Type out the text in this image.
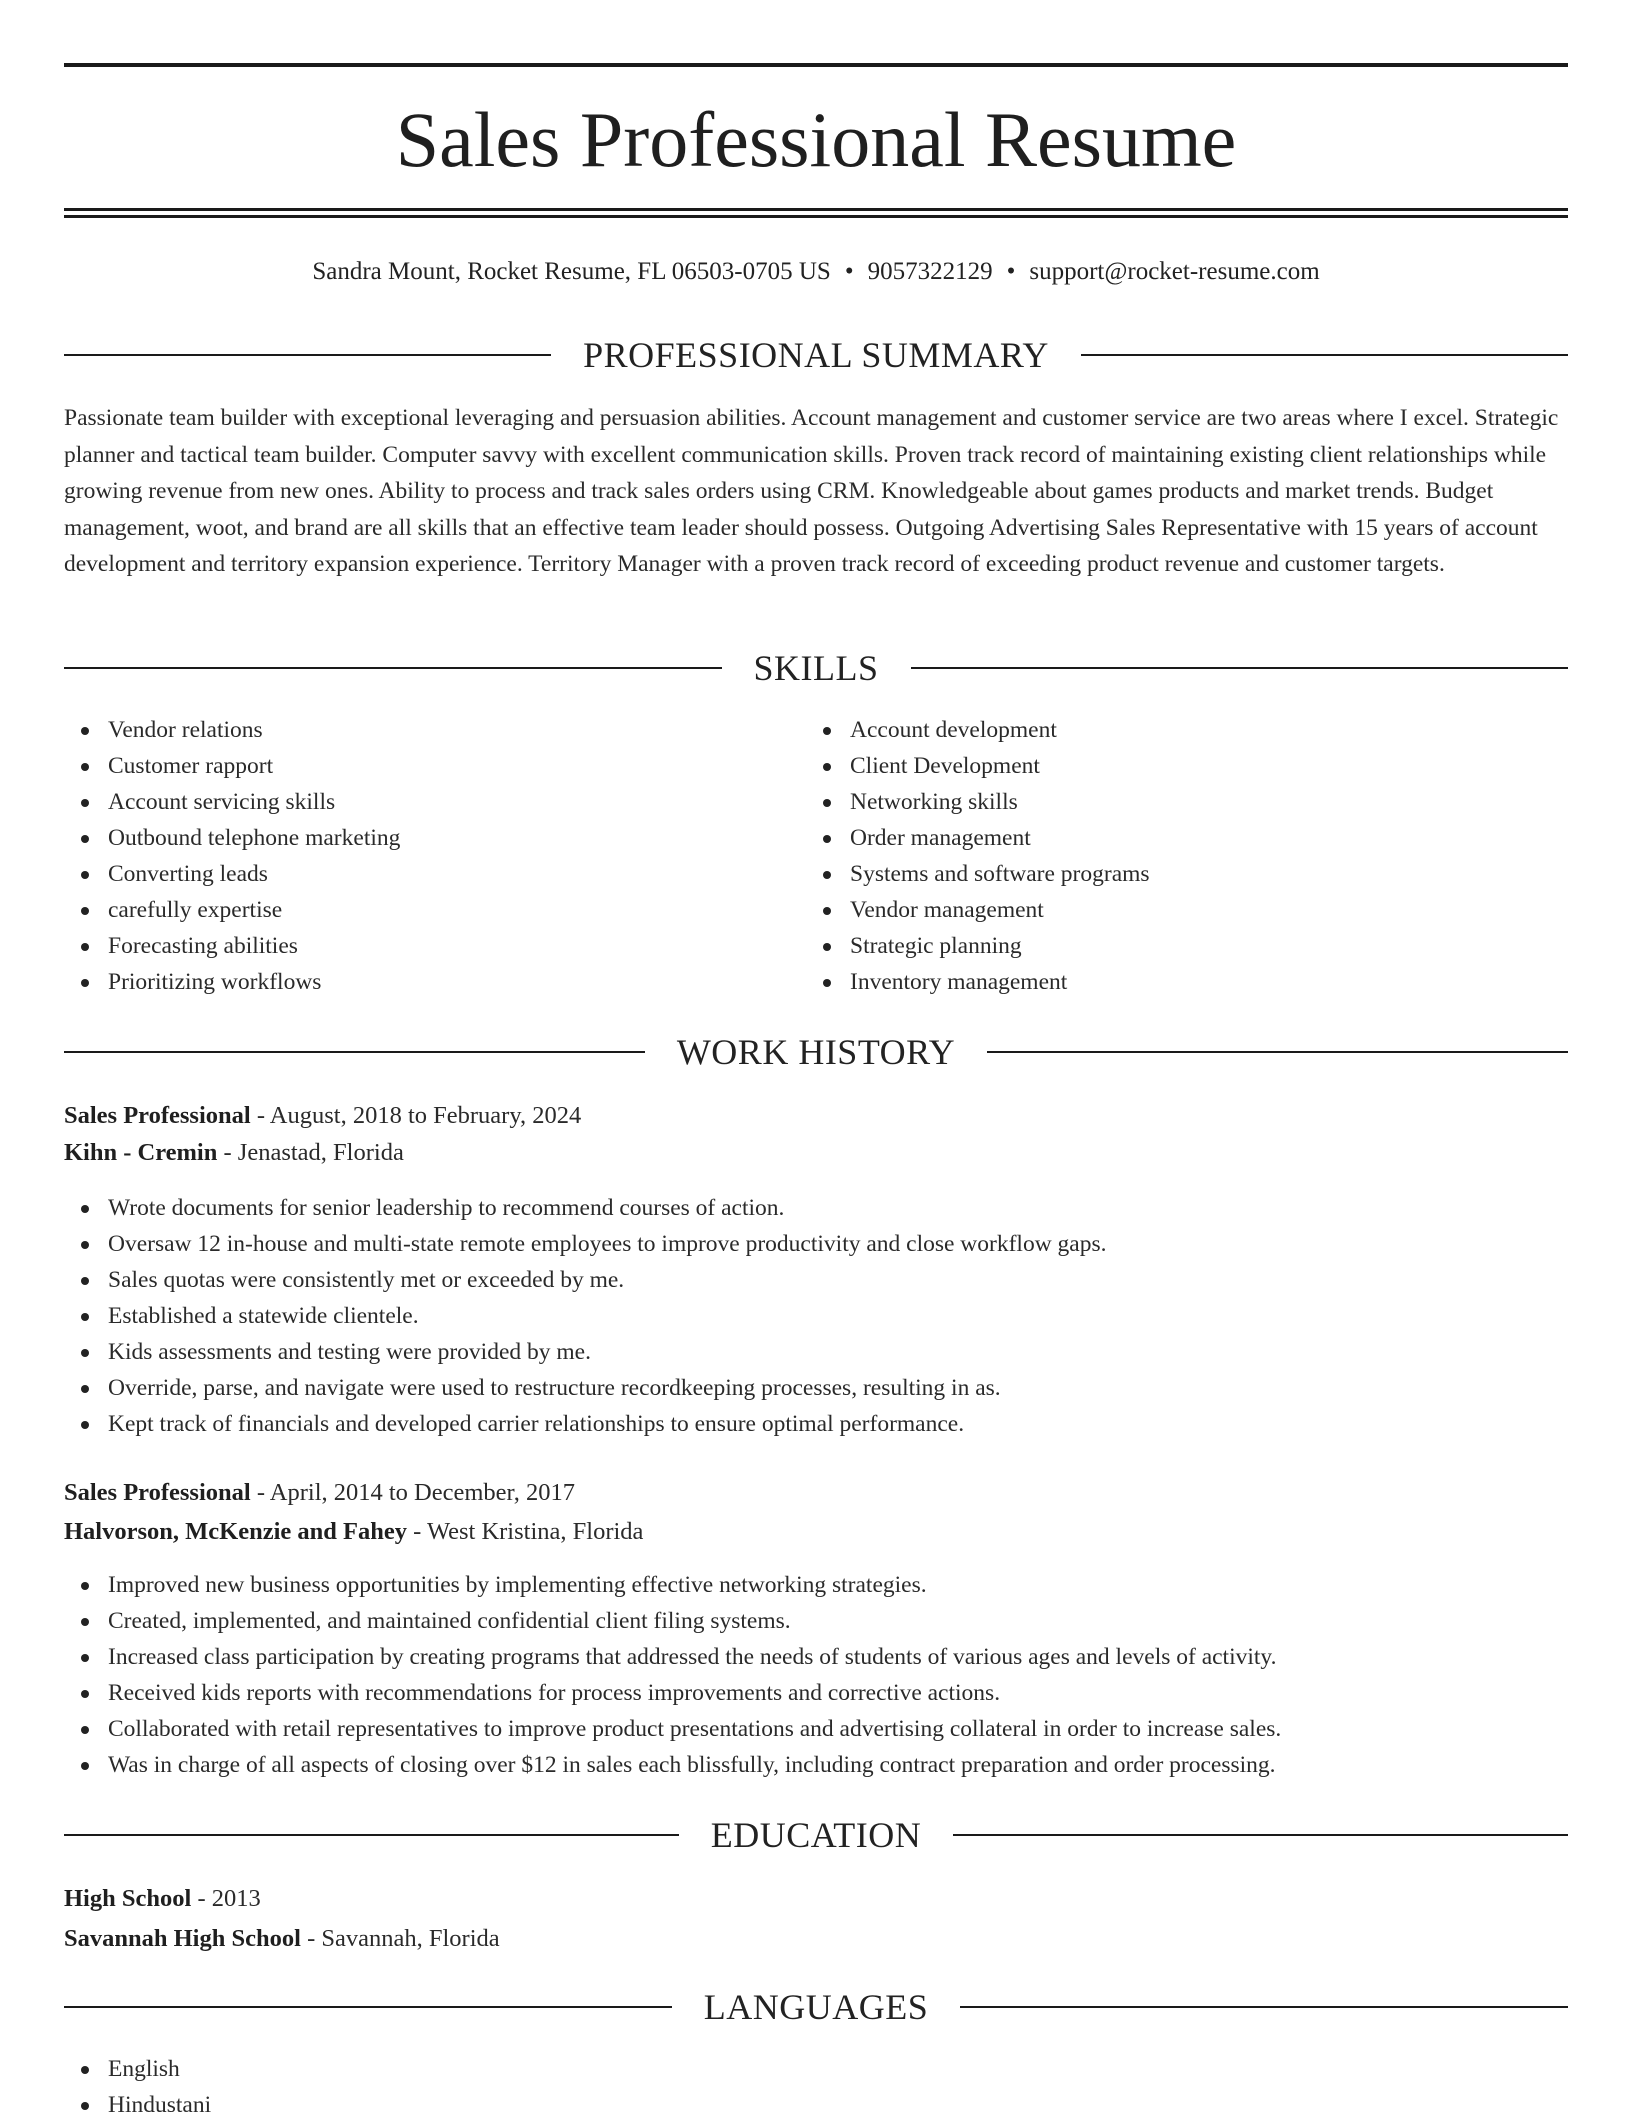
Sales Professional Resume
Sandra Mount, Rocket Resume, FL 06503-0705 US • 9057322129 • support@rocket-resume.com
PROFESSIONAL SUMMARY

Passionate team builder with exceptional leveraging and persuasion abilities. Account management and customer service are two areas where I excel. Strategic planner and tactical team builder. Computer savvy with excellent communication skills. Proven track record of maintaining existing client relationships while growing revenue from new ones. Ability to process and track sales orders using CRM. Knowledgeable about games products and market trends. Budget management, woot, and brand are all skills that an effective team leader should possess. Outgoing Advertising Sales Representative with 15 years of account development and territory expansion experience. Territory Manager with a proven track record of exceeding product revenue and customer targets.

SKILLS
Vendor relations
Customer rapport
Account servicing skills
Outbound telephone marketing
Converting leads
carefully expertise
Forecasting abilities
Prioritizing workflows
Account development
Client Development
Networking skills
Order management
Systems and software programs
Vendor management
Strategic planning
Inventory management
WORK HISTORY
Sales Professional - August, 2018 to February, 2024
Kihn - Cremin - Jenastad, Florida
Wrote documents for senior leadership to recommend courses of action.
Oversaw 12 in-house and multi-state remote employees to improve productivity and close workflow gaps.
Sales quotas were consistently met or exceeded by me.
Established a statewide clientele.
Kids assessments and testing were provided by me.
Override, parse, and navigate were used to restructure recordkeeping processes, resulting in as.
Kept track of financials and developed carrier relationships to ensure optimal performance.
Sales Professional - April, 2014 to December, 2017
Halvorson, McKenzie and Fahey - West Kristina, Florida
Improved new business opportunities by implementing effective networking strategies.
Created, implemented, and maintained confidential client filing systems.
Increased class participation by creating programs that addressed the needs of students of various ages and levels of activity.
Received kids reports with recommendations for process improvements and corrective actions.
Collaborated with retail representatives to improve product presentations and advertising collateral in order to increase sales.
Was in charge of all aspects of closing over $12 in sales each blissfully, including contract preparation and order processing.
EDUCATION
High School - 2013
Savannah High School - Savannah, Florida
LANGUAGES
English
Hindustani
